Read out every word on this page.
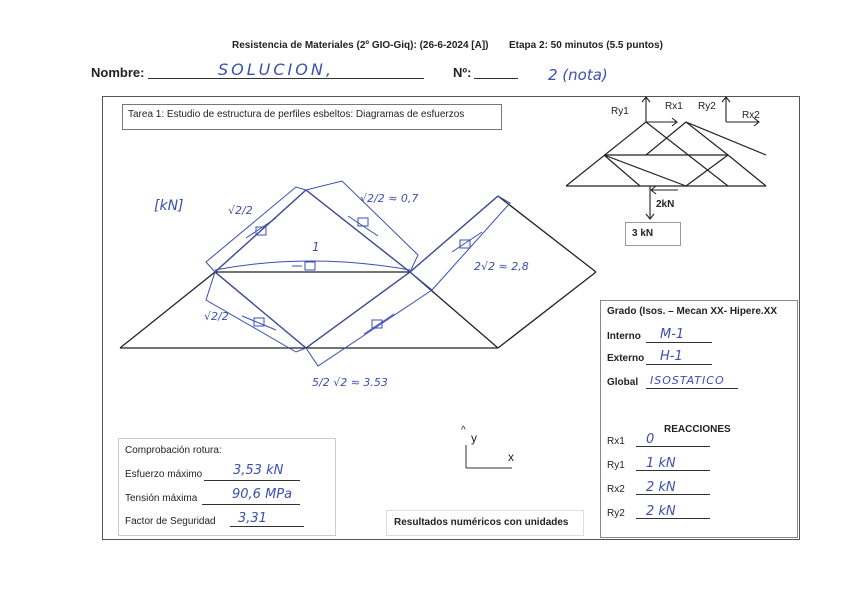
Resistencia de Materiales (2º GIO-Giq): (26-6-2024 [A]) Etapa 2: 50 minutos (5.5 puntos)
Nombre:	SOLUCION,	Nº:	2 (nota)
Tarea 1: Estudio de estructura de perfiles esbeltos: Diagramas de esfuerzos
[kN]	√2/2
√2/2 ≈ 0,7
1
2√2 ≈ 2,8
√2/2
5/2 √2 ≈ 3.53
Ry1	Rx1 Ry2
Rx2
2kN
3 kN
Grado (Isos. – Mecan XX- Hipere.XX
Interno M-1
Externo H-1
Global ISOSTATICO
REACCIONES
Rx1 0
Ry1 1 kN
Rx2 2 kN
Ry2 2 kN
Comprobación rotura:
Esfuerzo máximo 3,53 kN
Tensión máxima	90,6 MPa
Factor de Seguridad 3,31
^
y
x
Resultados numéricos con unidades
